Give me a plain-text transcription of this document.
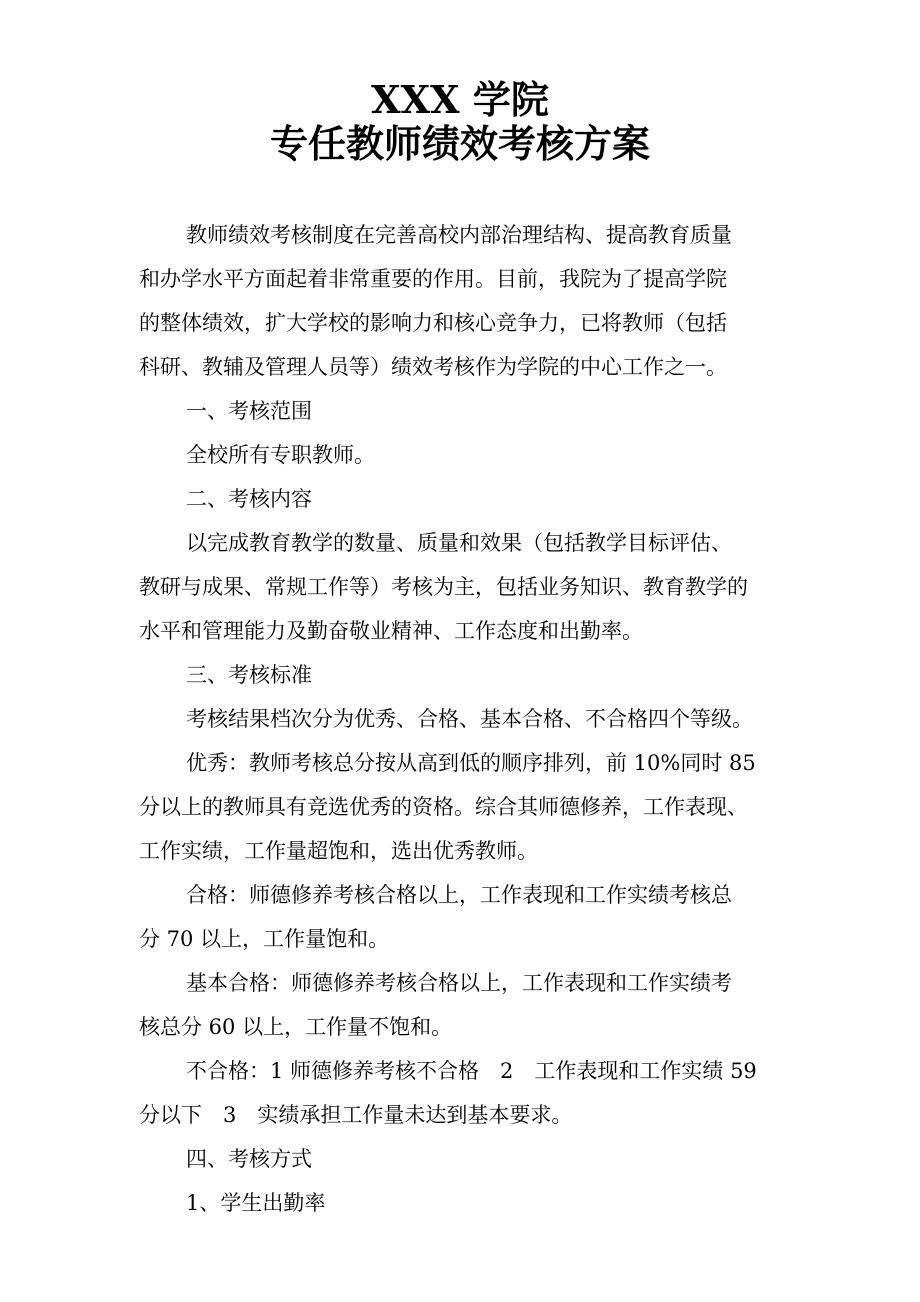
XXX 学院
专任教师绩效考核方案

教师绩效考核制度在完善高校内部治理结构、提高教育质量

和办学水平方面起着非常重要的作用。目前，我院为了提高学院

的整体绩效，扩大学校的影响力和核心竞争力，已将教师（包括

科研、教辅及管理人员等）绩效考核作为学院的中心工作之一。

一、考核范围

全校所有专职教师。

二、考核内容

以完成教育教学的数量、质量和效果（包括教学目标评估、

教研与成果、常规工作等）考核为主，包括业务知识、教育教学的

水平和管理能力及勤奋敬业精神、工作态度和出勤率。

三、考核标准

考核结果档次分为优秀、合格、基本合格、不合格四个等级。

优秀：教师考核总分按从高到低的顺序排列，前 10%同时 85

分以上的教师具有竞选优秀的资格。综合其师德修养，工作表现、

工作实绩，工作量超饱和，选出优秀教师。

合格：师德修养考核合格以上，工作表现和工作实绩考核总

分 70 以上，工作量饱和。

基本合格：师德修养考核合格以上，工作表现和工作实绩考

核总分 60 以上，工作量不饱和。

不合格：1 师德修养考核不合格　2　工作表现和工作实绩 59

分以下　3　实绩承担工作量未达到基本要求。

四、考核方式

1、学生出勤率
